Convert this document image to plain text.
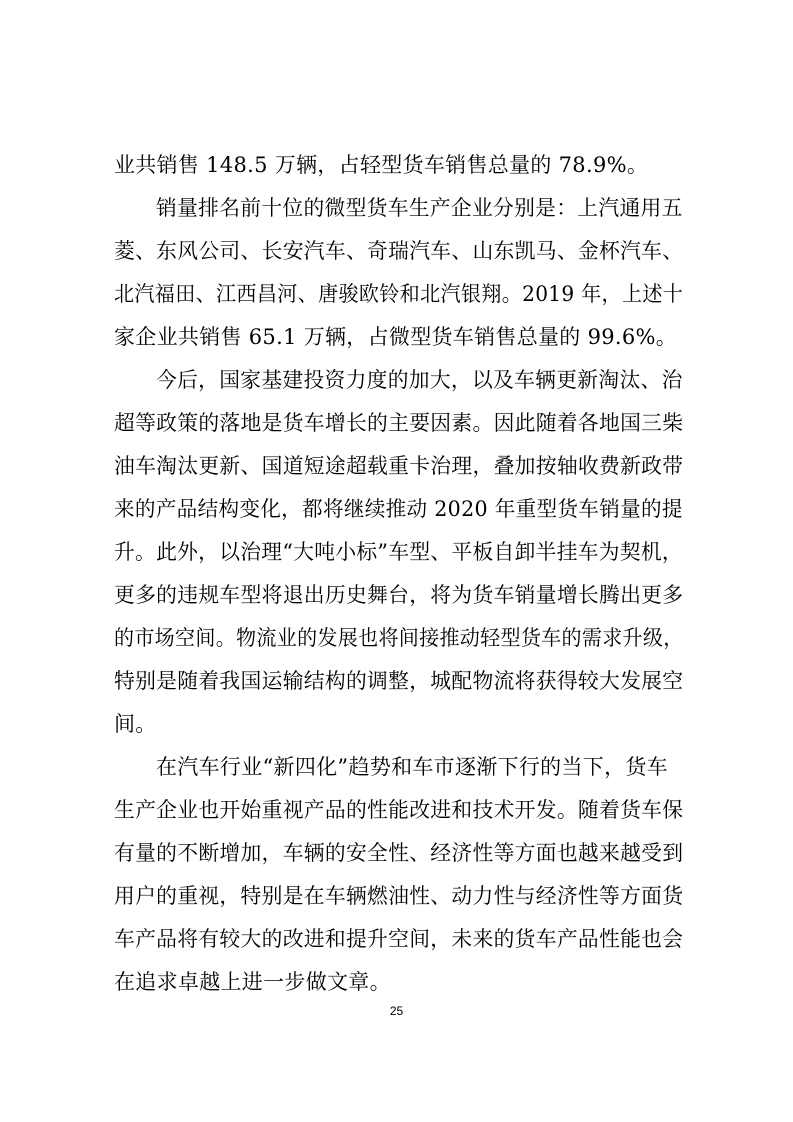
业共销售 148.5 万辆，占轻型货车销售总量的 78.9%。
销量排名前十位的微型货车生产企业分别是：上汽通用五
菱、东风公司、长安汽车、奇瑞汽车、山东凯马、金杯汽车、
北汽福田、江西昌河、唐骏欧铃和北汽银翔。2019 年，上述十
家企业共销售 65.1 万辆，占微型货车销售总量的 99.6%。
今后，国家基建投资力度的加大，以及车辆更新淘汰、治
超等政策的落地是货车增长的主要因素。因此随着各地国三柴
油车淘汰更新、国道短途超载重卡治理，叠加按轴收费新政带
来的产品结构变化，都将继续推动 2020 年重型货车销量的提
升。此外，以治理“大吨小标”车型、平板自卸半挂车为契机，
更多的违规车型将退出历史舞台，将为货车销量增长腾出更多
的市场空间。物流业的发展也将间接推动轻型货车的需求升级，
特别是随着我国运输结构的调整，城配物流将获得较大发展空
间。
在汽车行业“新四化”趋势和车市逐渐下行的当下，货车
生产企业也开始重视产品的性能改进和技术开发。随着货车保
有量的不断增加，车辆的安全性、经济性等方面也越来越受到
用户的重视，特别是在车辆燃油性、动力性与经济性等方面货
车产品将有较大的改进和提升空间，未来的货车产品性能也会
在追求卓越上进一步做文章。
25
